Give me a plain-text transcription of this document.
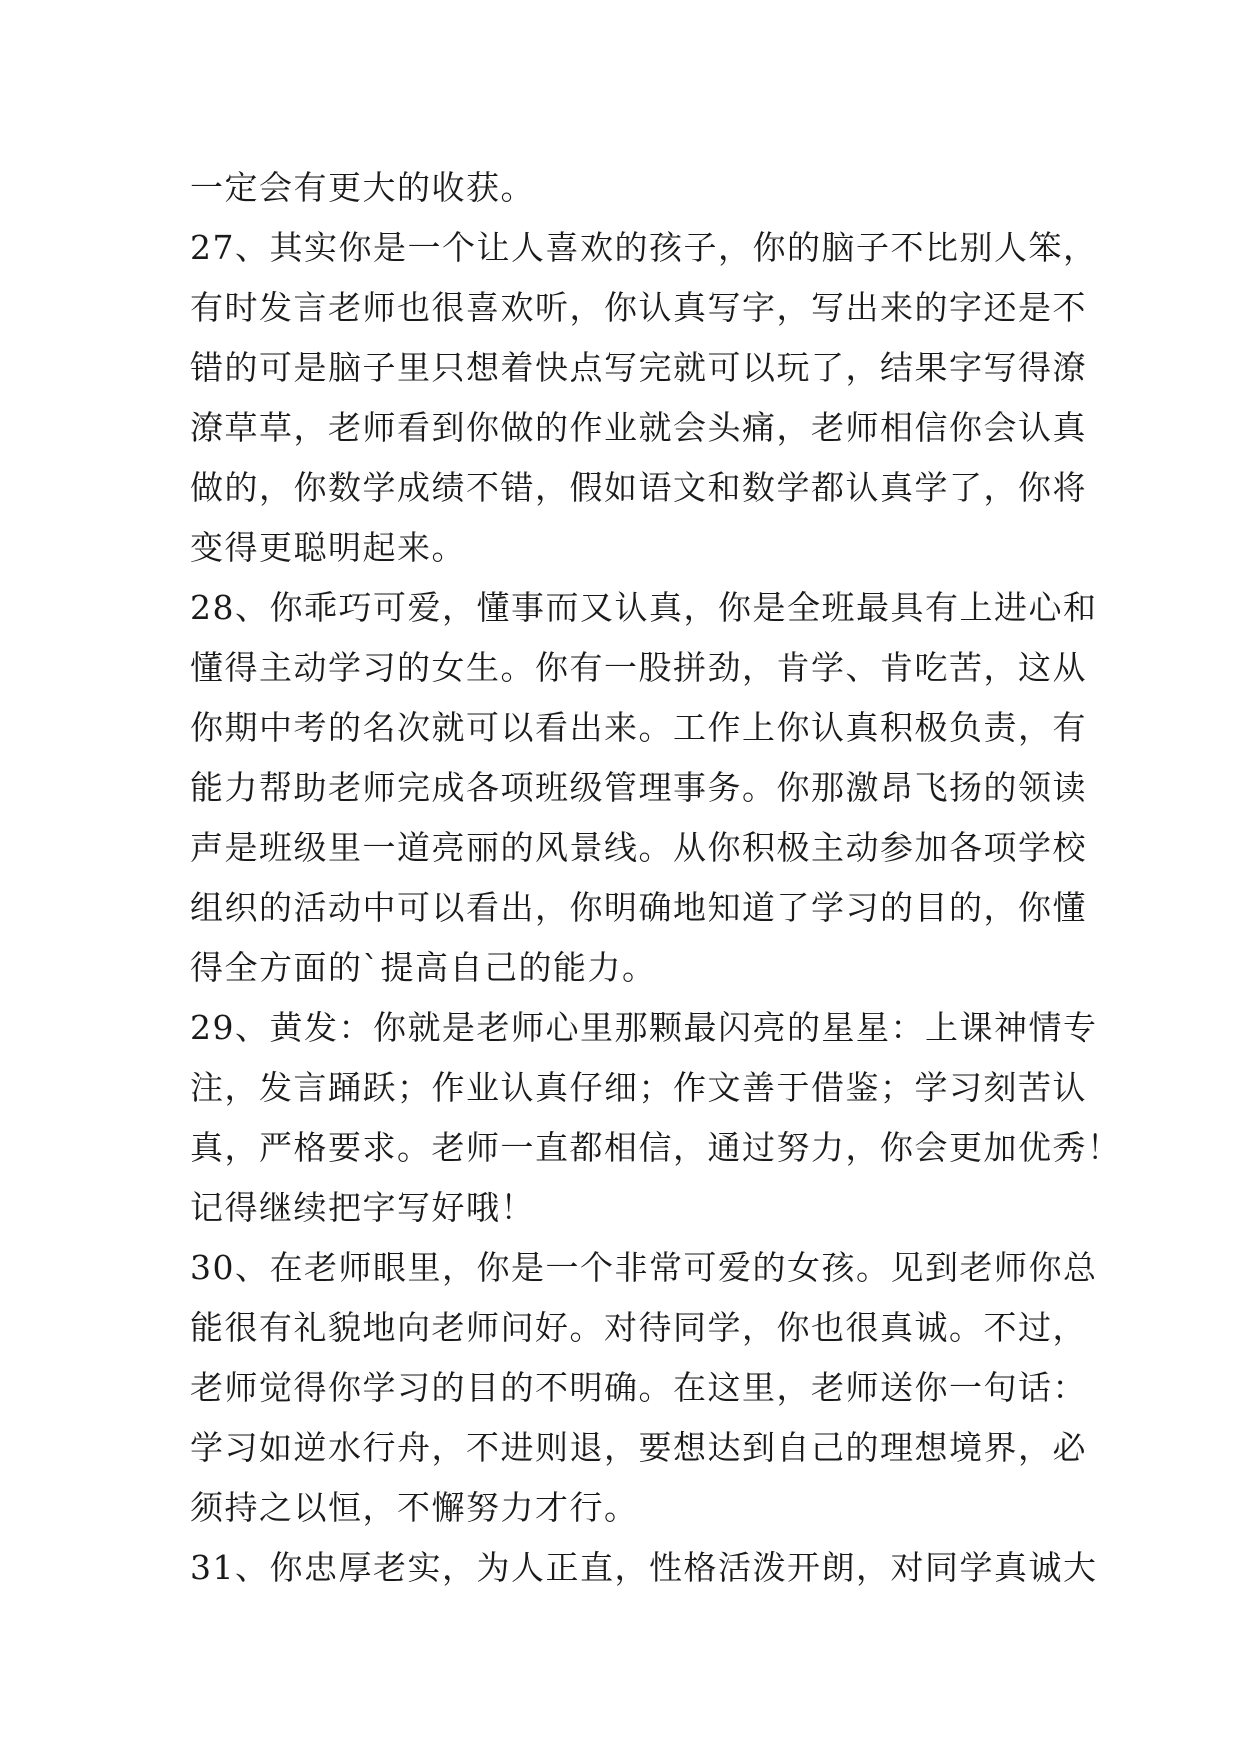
一定会有更大的收获。
27、其实你是一个让人喜欢的孩子，你的脑子不比别人笨，
有时发言老师也很喜欢听，你认真写字，写出来的字还是不
错的可是脑子里只想着快点写完就可以玩了，结果字写得潦
潦草草，老师看到你做的作业就会头痛，老师相信你会认真
做的，你数学成绩不错，假如语文和数学都认真学了，你将
变得更聪明起来。
28、你乖巧可爱，懂事而又认真，你是全班最具有上进心和
懂得主动学习的女生。你有一股拼劲，肯学、肯吃苦，这从
你期中考的名次就可以看出来。工作上你认真积极负责，有
能力帮助老师完成各项班级管理事务。你那激昂飞扬的领读
声是班级里一道亮丽的风景线。从你积极主动参加各项学校
组织的活动中可以看出，你明确地知道了学习的目的，你懂
得全方面的`提高自己的能力。
29、黄发：你就是老师心里那颗最闪亮的星星：上课神情专
注，发言踊跃；作业认真仔细；作文善于借鉴；学习刻苦认
真，严格要求。老师一直都相信，通过努力，你会更加优秀！
记得继续把字写好哦！
30、在老师眼里，你是一个非常可爱的女孩。见到老师你总
能很有礼貌地向老师问好。对待同学，你也很真诚。不过，
老师觉得你学习的目的不明确。在这里，老师送你一句话：
学习如逆水行舟，不进则退，要想达到自己的理想境界，必
须持之以恒，不懈努力才行。
31、你忠厚老实，为人正直，性格活泼开朗，对同学真诚大
